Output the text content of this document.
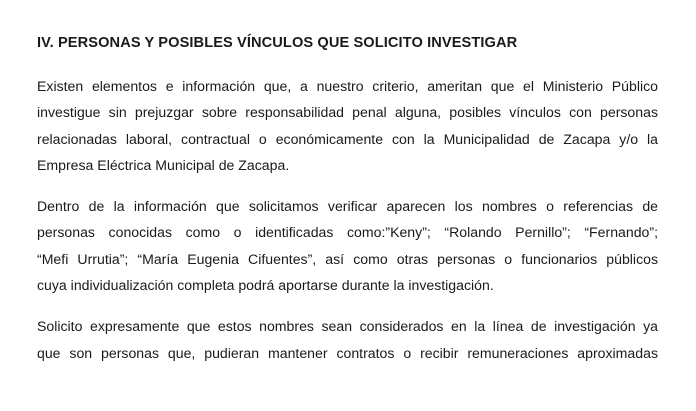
IV. PERSONAS Y POSIBLES VÍNCULOS QUE SOLICITO INVESTIGAR
Existen elementos e información que, a nuestro criterio, ameritan que el Ministerio Público
investigue sin prejuzgar sobre responsabilidad penal alguna, posibles vínculos con personas
relacionadas laboral, contractual o económicamente con la Municipalidad de Zacapa y/o la
Empresa Eléctrica Municipal de Zacapa.
Dentro de la información que solicitamos verificar aparecen los nombres o referencias de
personas conocidas como o identificadas como:”Keny”; “Rolando Pernillo”; “Fernando”;
“Mefi Urrutia”; “María Eugenia Cifuentes”, así como otras personas o funcionarios públicos
cuya individualización completa podrá aportarse durante la investigación.
Solicito expresamente que estos nombres sean considerados en la línea de investigación ya
que son personas que, pudieran mantener contratos o recibir remuneraciones aproximadas
